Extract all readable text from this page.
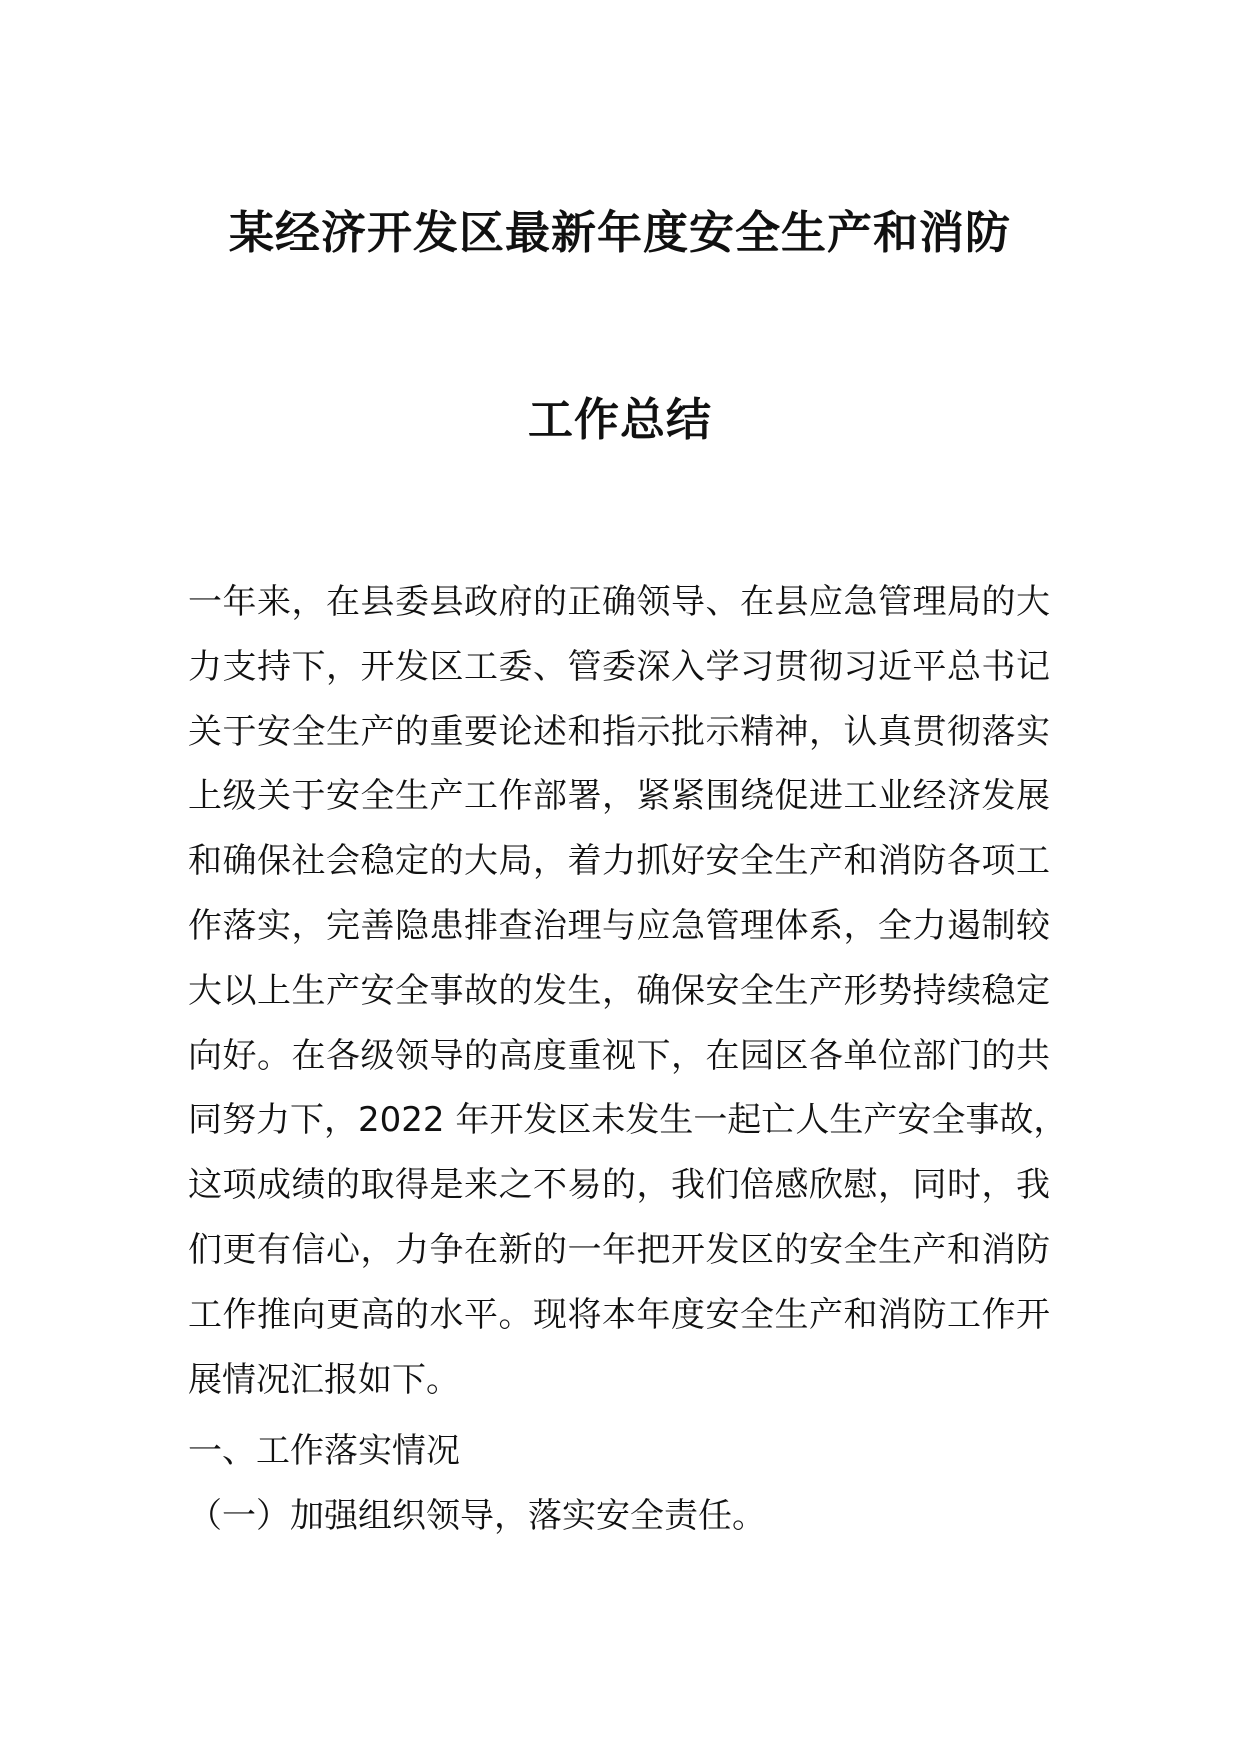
某经济开发区最新年度安全生产和消防
工作总结
一年来，在县委县政府的正确领导、在县应急管理局的大
力支持下，开发区工委、管委深入学习贯彻习近平总书记
关于安全生产的重要论述和指示批示精神，认真贯彻落实
上级关于安全生产工作部署，紧紧围绕促进工业经济发展
和确保社会稳定的大局，着力抓好安全生产和消防各项工
作落实，完善隐患排查治理与应急管理体系，全力遏制较
大以上生产安全事故的发生，确保安全生产形势持续稳定
向好。在各级领导的高度重视下，在园区各单位部门的共
同努力下，2022 年开发区未发生一起亡人生产安全事故，
这项成绩的取得是来之不易的，我们倍感欣慰，同时，我
们更有信心，力争在新的一年把开发区的安全生产和消防
工作推向更高的水平。现将本年度安全生产和消防工作开
展情况汇报如下。
一、工作落实情况
（一）加强组织领导，落实安全责任。
